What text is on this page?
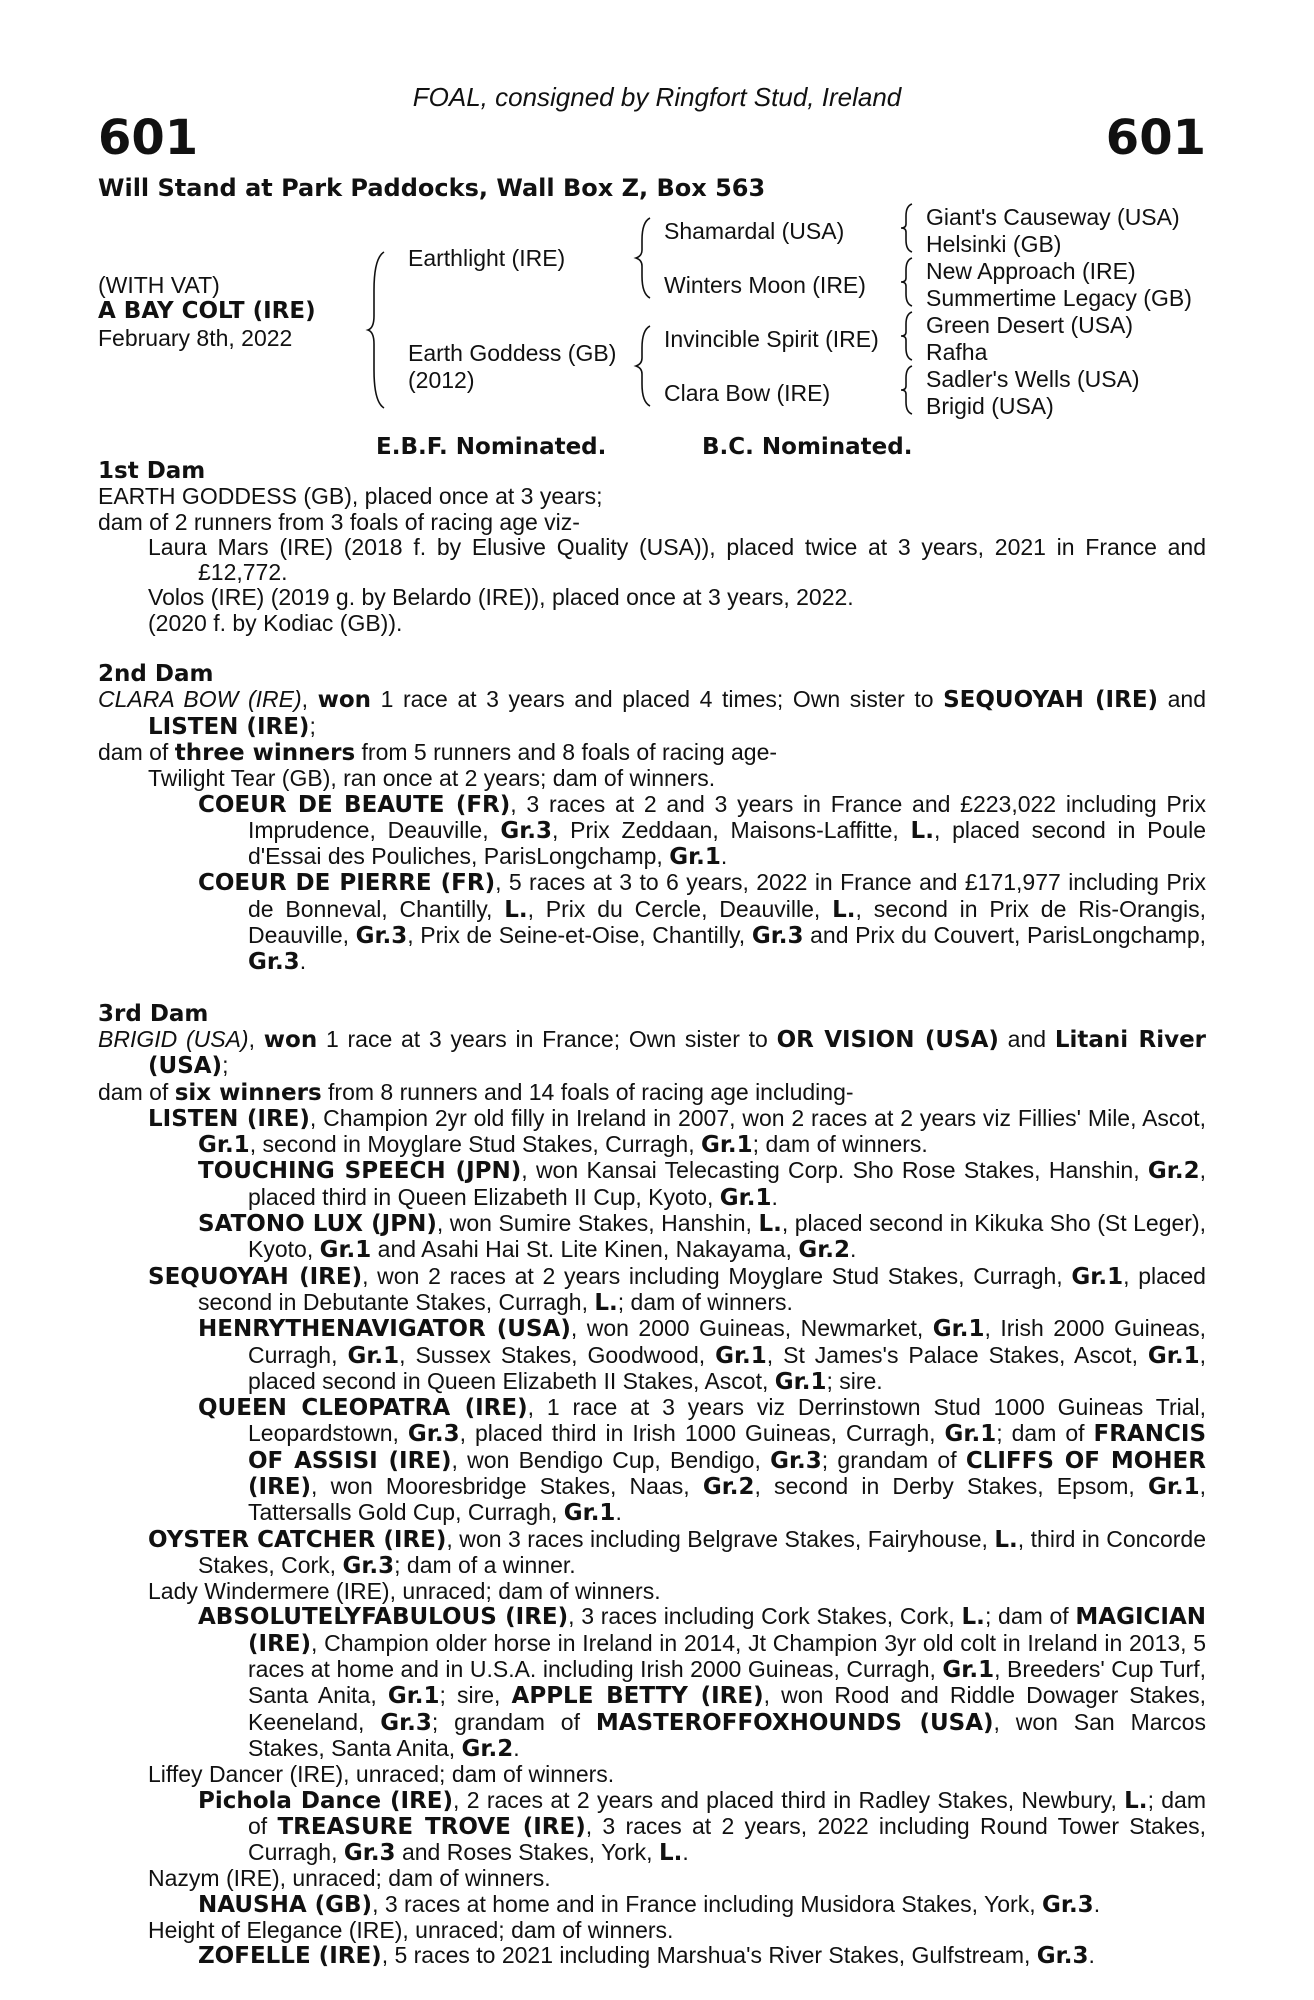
FOAL, consigned by Ringfort Stud, Ireland
601	601
Will Stand at Park Paddocks, Wall Box Z, Box 563
(WITH VAT)
A BAY COLT (IRE)
February 8th, 2022
Earthlight (IRE)
Earth Goddess (GB)
(2012)
Shamardal (USA)
Winters Moon (IRE)
Invincible Spirit (IRE)
Clara Bow (IRE)
Giant's Causeway (USA)
Helsinki (GB)
New Approach (IRE)
Summertime Legacy (GB)
Green Desert (USA)
Rafha
Sadler's Wells (USA)
Brigid (USA)
E.B.F. Nominated.	B.C. Nominated.

1st Dam

EARTH GODDESS (GB), placed once at 3 years;

dam of 2 runners from 3 foals of racing age viz-

Laura Mars (IRE) (2018 f. by Elusive Quality (USA)), placed twice at 3 years, 2021 in France and £12,772.

Volos (IRE) (2019 g. by Belardo (IRE)), placed once at 3 years, 2022.

(2020 f. by Kodiac (GB)).

2nd Dam

CLARA BOW (IRE), won 1 race at 3 years and placed 4 times; Own sister to SEQUOYAH (IRE) and LISTEN (IRE);

dam of three winners from 5 runners and 8 foals of racing age-

Twilight Tear (GB), ran once at 2 years; dam of winners.

COEUR DE BEAUTE (FR), 3 races at 2 and 3 years in France and £223,022 including Prix Imprudence, Deauville, Gr.3, Prix Zeddaan, Maisons-Laffitte, L., placed second in Poule d'Essai des Pouliches, ParisLongchamp, Gr.1.

COEUR DE PIERRE (FR), 5 races at 3 to 6 years, 2022 in France and £171,977 including Prix de Bonneval, Chantilly, L., Prix du Cercle, Deauville, L., second in Prix de Ris-Orangis, Deauville, Gr.3, Prix de Seine-et-Oise, Chantilly, Gr.3 and Prix du Couvert, ParisLongchamp, Gr.3.

3rd Dam

BRIGID (USA), won 1 race at 3 years in France; Own sister to OR VISION (USA) and Litani River (USA);

dam of six winners from 8 runners and 14 foals of racing age including-

LISTEN (IRE), Champion 2yr old filly in Ireland in 2007, won 2 races at 2 years viz Fillies' Mile, Ascot, Gr.1, second in Moyglare Stud Stakes, Curragh, Gr.1; dam of winners.

TOUCHING SPEECH (JPN), won Kansai Telecasting Corp. Sho Rose Stakes, Hanshin, Gr.2, placed third in Queen Elizabeth II Cup, Kyoto, Gr.1.

SATONO LUX (JPN), won Sumire Stakes, Hanshin, L., placed second in Kikuka Sho (St Leger), Kyoto, Gr.1 and Asahi Hai St. Lite Kinen, Nakayama, Gr.2.

SEQUOYAH (IRE), won 2 races at 2 years including Moyglare Stud Stakes, Curragh, Gr.1, placed second in Debutante Stakes, Curragh, L.; dam of winners.

HENRYTHENAVIGATOR (USA), won 2000 Guineas, Newmarket, Gr.1, Irish 2000 Guineas, Curragh, Gr.1, Sussex Stakes, Goodwood, Gr.1, St James's Palace Stakes, Ascot, Gr.1, placed second in Queen Elizabeth II Stakes, Ascot, Gr.1; sire.

QUEEN CLEOPATRA (IRE), 1 race at 3 years viz Derrinstown Stud 1000 Guineas Trial, Leopardstown, Gr.3, placed third in Irish 1000 Guineas, Curragh, Gr.1; dam of FRANCIS OF ASSISI (IRE), won Bendigo Cup, Bendigo, Gr.3; grandam of CLIFFS OF MOHER (IRE), won Mooresbridge Stakes, Naas, Gr.2, second in Derby Stakes, Epsom, Gr.1, Tattersalls Gold Cup, Curragh, Gr.1.

OYSTER CATCHER (IRE), won 3 races including Belgrave Stakes, Fairyhouse, L., third in Concorde Stakes, Cork, Gr.3; dam of a winner.

Lady Windermere (IRE), unraced; dam of winners.

ABSOLUTELYFABULOUS (IRE), 3 races including Cork Stakes, Cork, L.; dam of MAGICIAN (IRE), Champion older horse in Ireland in 2014, Jt Champion 3yr old colt in Ireland in 2013, 5 races at home and in U.S.A. including Irish 2000 Guineas, Curragh, Gr.1, Breeders' Cup Turf, Santa Anita, Gr.1; sire, APPLE BETTY (IRE), won Rood and Riddle Dowager Stakes, Keeneland, Gr.3; grandam of MASTEROFFOXHOUNDS (USA), won San Marcos Stakes, Santa Anita, Gr.2.

Liffey Dancer (IRE), unraced; dam of winners.

Pichola Dance (IRE), 2 races at 2 years and placed third in Radley Stakes, Newbury, L.; dam of TREASURE TROVE (IRE), 3 races at 2 years, 2022 including Round Tower Stakes, Curragh, Gr.3 and Roses Stakes, York, L..

Nazym (IRE), unraced; dam of winners.

NAUSHA (GB), 3 races at home and in France including Musidora Stakes, York, Gr.3.

Height of Elegance (IRE), unraced; dam of winners.

ZOFELLE (IRE), 5 races to 2021 including Marshua's River Stakes, Gulfstream, Gr.3.
